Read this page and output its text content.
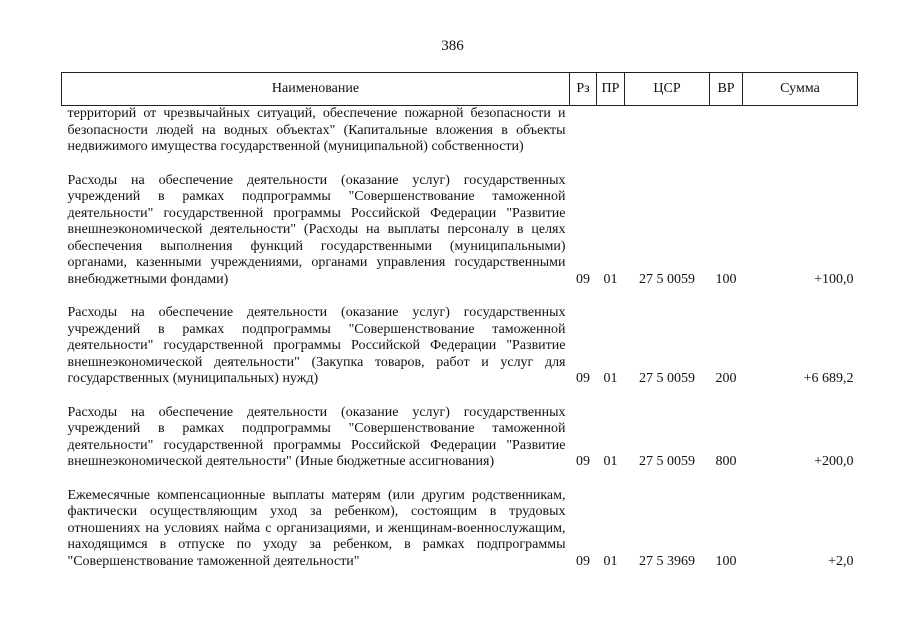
386
Наименование	Рз	ПР	ЦСР	ВР	Сумма
территорий от чрезвычайных ситуаций, обеспечение пожарной безопасности и безопасности людей на водных объектах" (Капитальные вложения в объекты недвижимого имущества государственной (муниципальной) собственности)					

Расходы на обеспечение деятельности (оказание услуг) государственных учреждений в рамках подпрограммы "Совершенствование таможенной деятельности" государственной программы Российской Федерации "Развитие внешнеэкономической деятельности" (Расходы на выплаты персоналу в целях обеспечения выполнения функций государственными (муниципальными) органами, казенными учреждениями, органами управления государственными внебюджетными фондами)	09	01	27 5 0059	100	+100,0

Расходы на обеспечение деятельности (оказание услуг) государственных учреждений в рамках подпрограммы "Совершенствование таможенной деятельности" государственной программы Российской Федерации "Развитие внешнеэкономической деятельности" (Закупка товаров, работ и услуг для государственных (муниципальных) нужд)	09	01	27 5 0059	200	+6 689,2

Расходы на обеспечение деятельности (оказание услуг) государственных учреждений в рамках подпрограммы "Совершенствование таможенной деятельности" государственной программы Российской Федерации "Развитие внешнеэкономической деятельности" (Иные бюджетные ассигнования)	09	01	27 5 0059	800	+200,0

Ежемесячные компенсационные выплаты матерям (или другим родственникам, фактически осуществляющим уход за ребенком), состоящим в трудовых отношениях на условиях найма с организациями, и женщинам-военнослужащим, находящимся в отпуске по уходу за ребенком, в рамках подпрограммы "Совершенствование таможенной деятельности"	09	01	27 5 3969	100	+2,0
